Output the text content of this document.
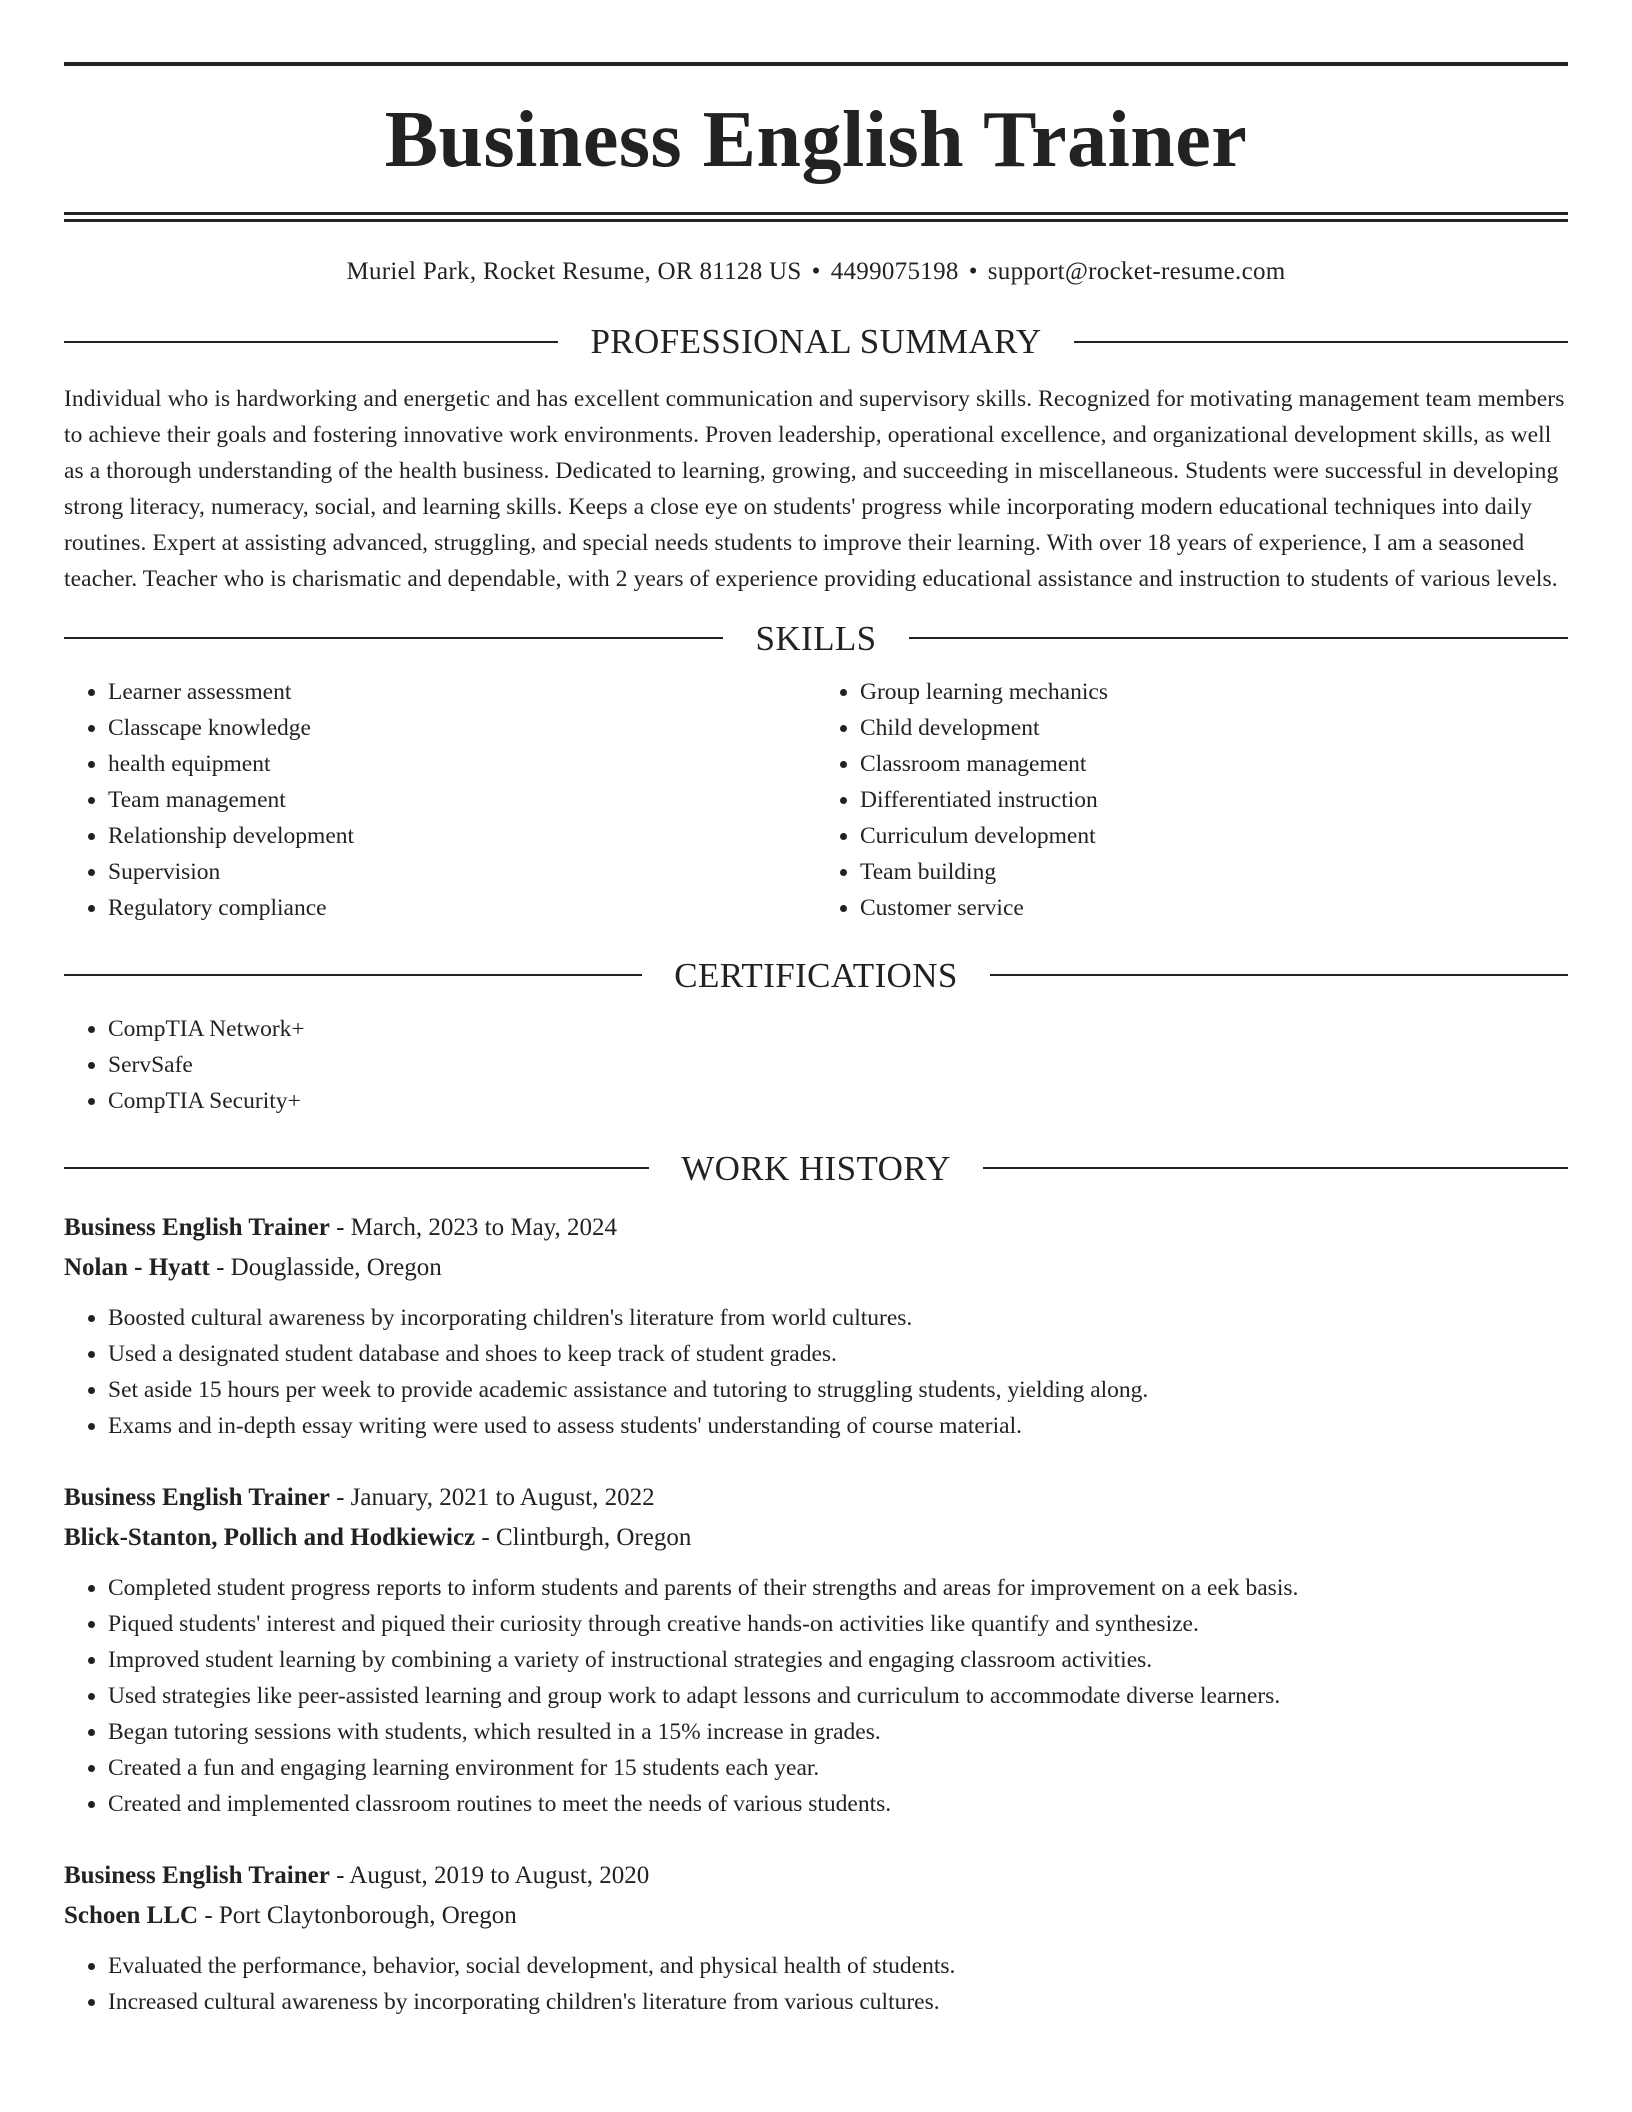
Business English Trainer
Muriel Park, Rocket Resume, OR 81128 US • 4499075198 • support@rocket-resume.com
PROFESSIONAL SUMMARY

Individual who is hardworking and energetic and has excellent communication and supervisory skills. Recognized for motivating management team members to achieve their goals and fostering innovative work environments. Proven leadership, operational excellence, and organizational development skills, as well as a thorough understanding of the health business. Dedicated to learning, growing, and succeeding in miscellaneous. Students were successful in developing strong literacy, numeracy, social, and learning skills. Keeps a close eye on students' progress while incorporating modern educational techniques into daily routines. Expert at assisting advanced, struggling, and special needs students to improve their learning. With over 18 years of experience, I am a seasoned teacher. Teacher who is charismatic and dependable, with 2 years of experience providing educational assistance and instruction to students of various levels.

SKILLS
• Learner assessment
• Classcape knowledge
• health equipment
• Team management
• Relationship development
• Supervision
• Regulatory compliance
• Group learning mechanics
• Child development
• Classroom management
• Differentiated instruction
• Curriculum development
• Team building
• Customer service
CERTIFICATIONS
• CompTIA Network+
• ServSafe
• CompTIA Security+
WORK HISTORY
Business English Trainer - March, 2023 to May, 2024
Nolan - Hyatt - Douglasside, Oregon
• Boosted cultural awareness by incorporating children's literature from world cultures.
• Used a designated student database and shoes to keep track of student grades.
• Set aside 15 hours per week to provide academic assistance and tutoring to struggling students, yielding along.
• Exams and in-depth essay writing were used to assess students' understanding of course material.
Business English Trainer - January, 2021 to August, 2022
Blick-Stanton, Pollich and Hodkiewicz - Clintburgh, Oregon
• Completed student progress reports to inform students and parents of their strengths and areas for improvement on a eek basis.
• Piqued students' interest and piqued their curiosity through creative hands-on activities like quantify and synthesize.
• Improved student learning by combining a variety of instructional strategies and engaging classroom activities.
• Used strategies like peer-assisted learning and group work to adapt lessons and curriculum to accommodate diverse learners.
• Began tutoring sessions with students, which resulted in a 15% increase in grades.
• Created a fun and engaging learning environment for 15 students each year.
• Created and implemented classroom routines to meet the needs of various students.
Business English Trainer - August, 2019 to August, 2020
Schoen LLC - Port Claytonborough, Oregon
• Evaluated the performance, behavior, social development, and physical health of students.
• Increased cultural awareness by incorporating children's literature from various cultures.
